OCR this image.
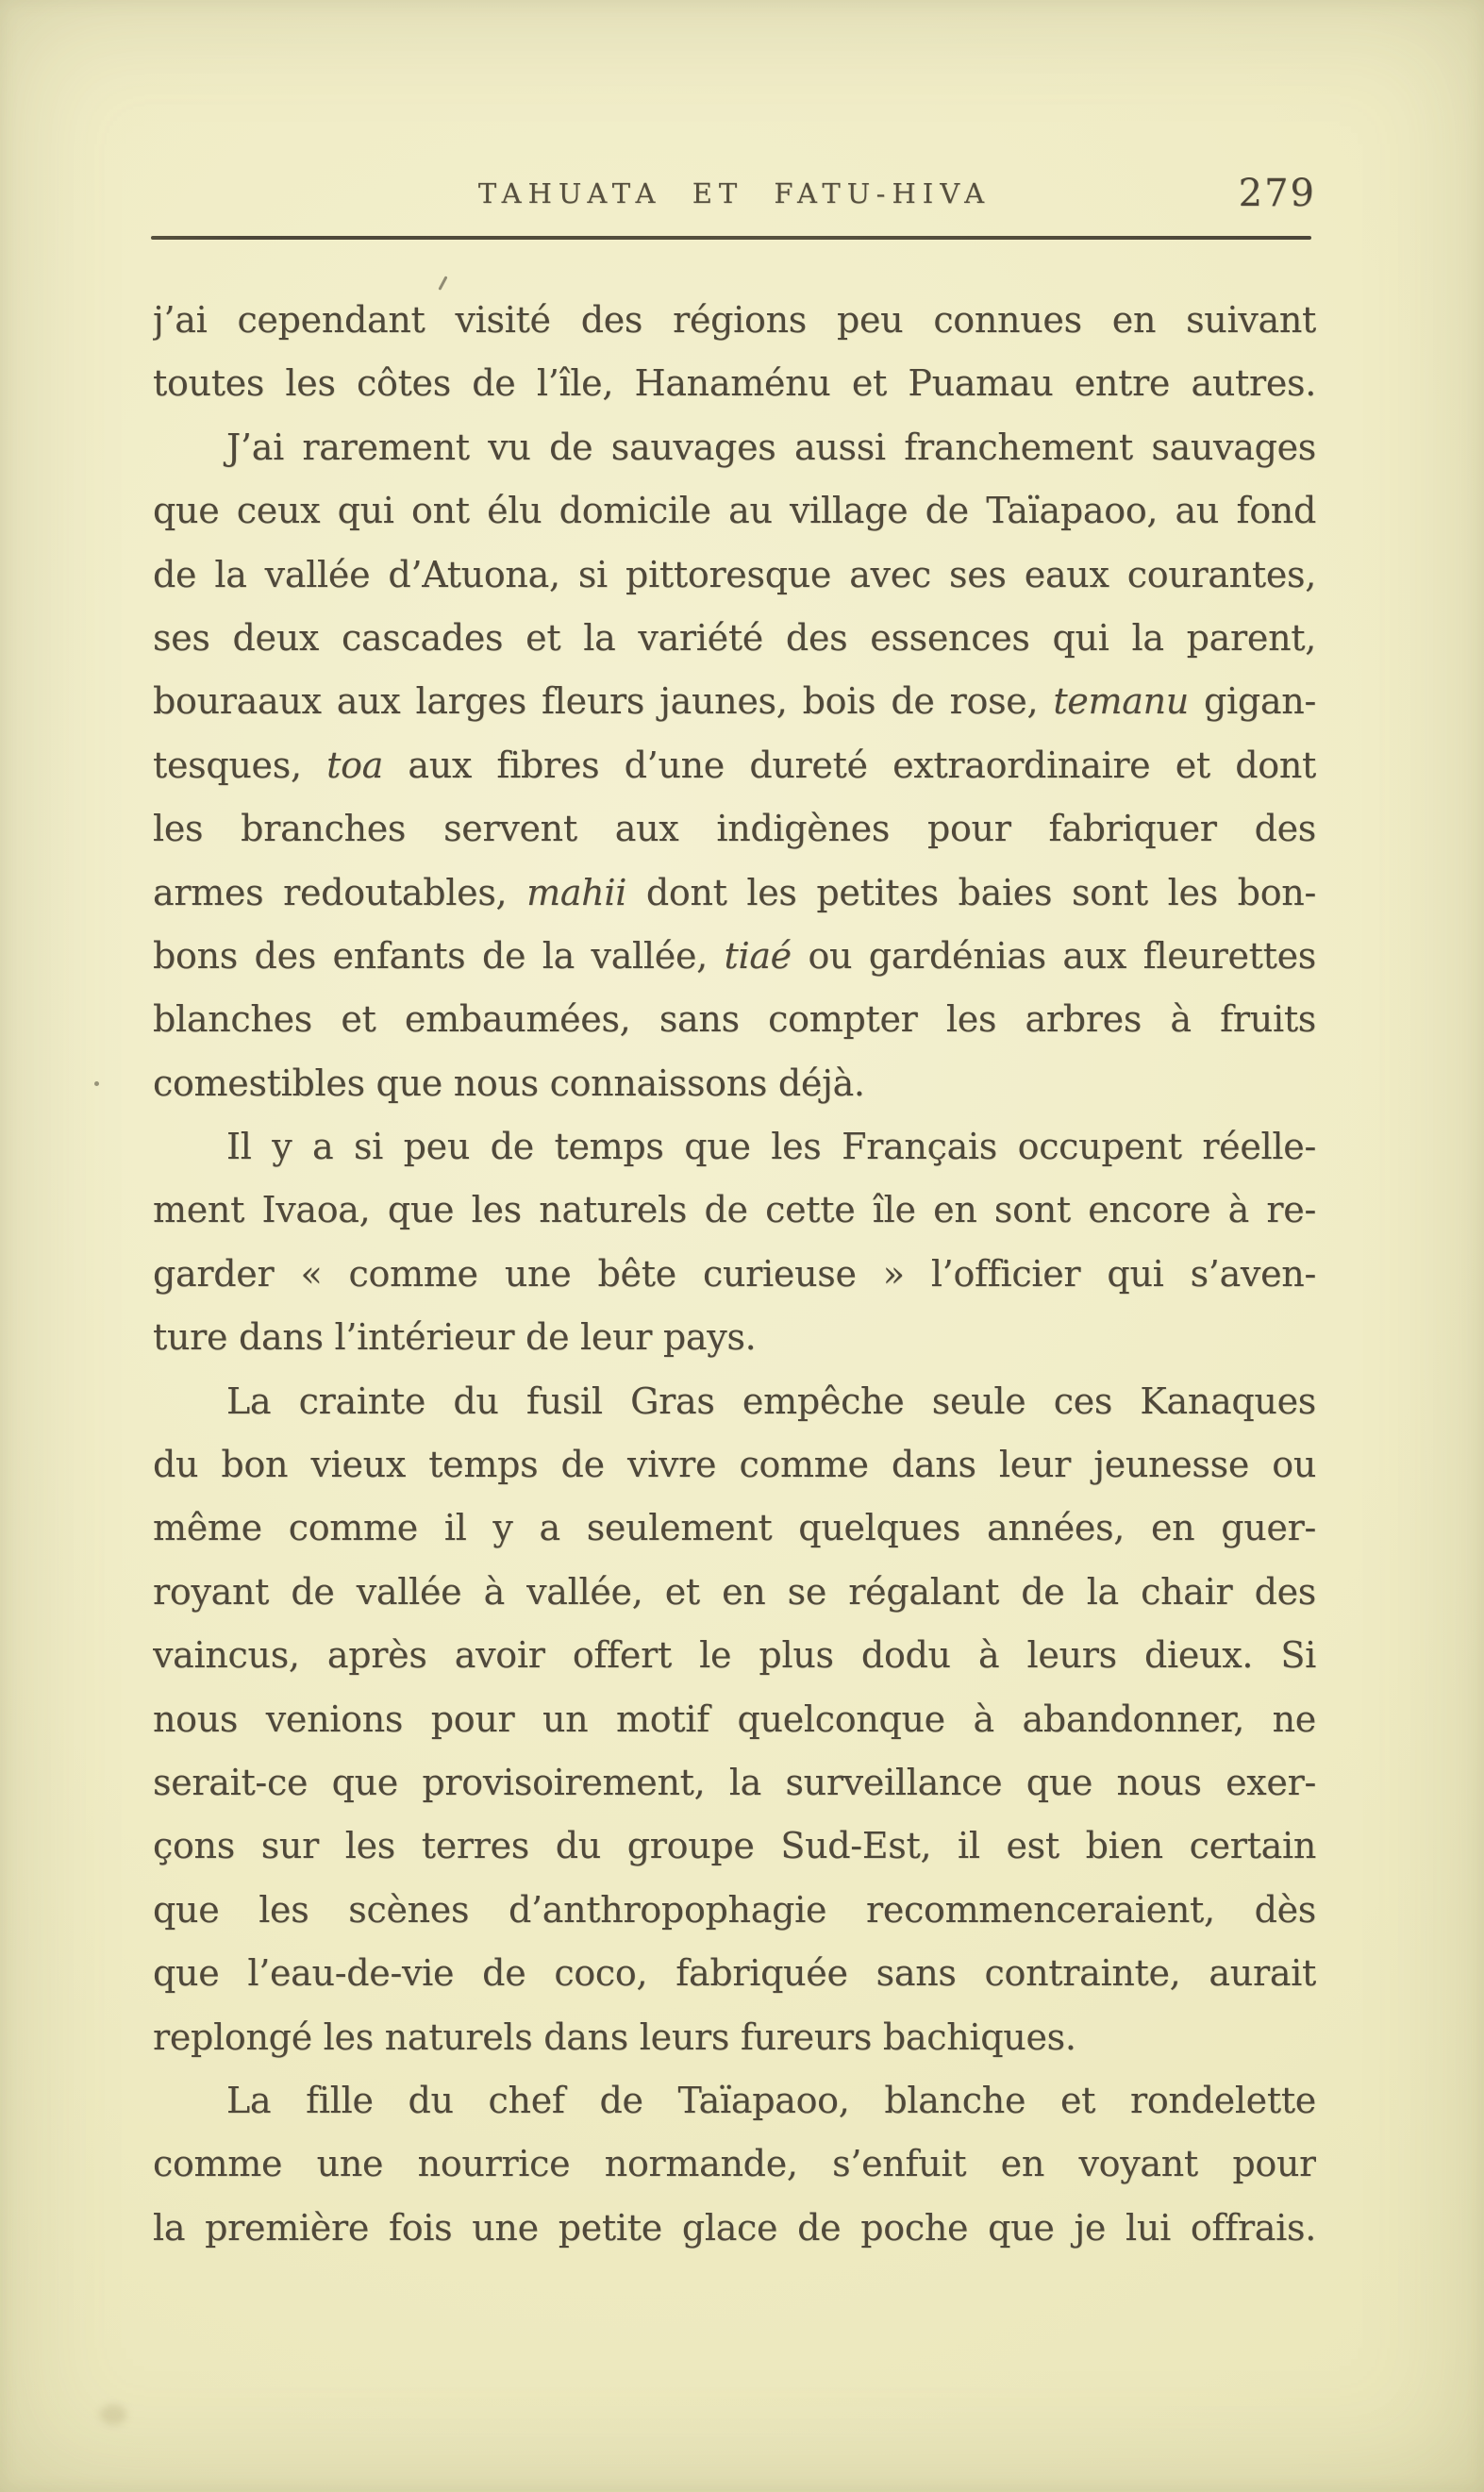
TAHUATA ET FATU-HIVA	279
j’ai cependant visité des régions peu connues en suivant
toutes les côtes de l’île, Hanaménu et Puamau entre autres.
J’ai rarement vu de sauvages aussi franchement sauvages
que ceux qui ont élu domicile au village de Taïapaoo, au fond
de la vallée d’Atuona, si pittoresque avec ses eaux courantes,
ses deux cascades et la variété des essences qui la parent,
bouraaux aux larges fleurs jaunes, bois de rose, temanu gigan-
tesques, toa aux fibres d’une dureté extraordinaire et dont
les branches servent aux indigènes pour fabriquer des
armes redoutables, mahii dont les petites baies sont les bon-
bons des enfants de la vallée, tiaé ou gardénias aux fleurettes
blanches et embaumées, sans compter les arbres à fruits
comestibles que nous connaissons déjà.
Il y a si peu de temps que les Français occupent réelle-
ment Ivaoa, que les naturels de cette île en sont encore à re-
garder « comme une bête curieuse » l’officier qui s’aven-
ture dans l’intérieur de leur pays.
La crainte du fusil Gras empêche seule ces Kanaques
du bon vieux temps de vivre comme dans leur jeunesse ou
même comme il y a seulement quelques années, en guer-
royant de vallée à vallée, et en se régalant de la chair des
vaincus, après avoir offert le plus dodu à leurs dieux. Si
nous venions pour un motif quelconque à abandonner, ne
serait-ce que provisoirement, la surveillance que nous exer-
çons sur les terres du groupe Sud-Est, il est bien certain
que les scènes d’anthropophagie recommenceraient, dès
que l’eau-de-vie de coco, fabriquée sans contrainte, aurait
replongé les naturels dans leurs fureurs bachiques.
La fille du chef de Taïapaoo, blanche et rondelette
comme une nourrice normande, s’enfuit en voyant pour
la première fois une petite glace de poche que je lui offrais.
